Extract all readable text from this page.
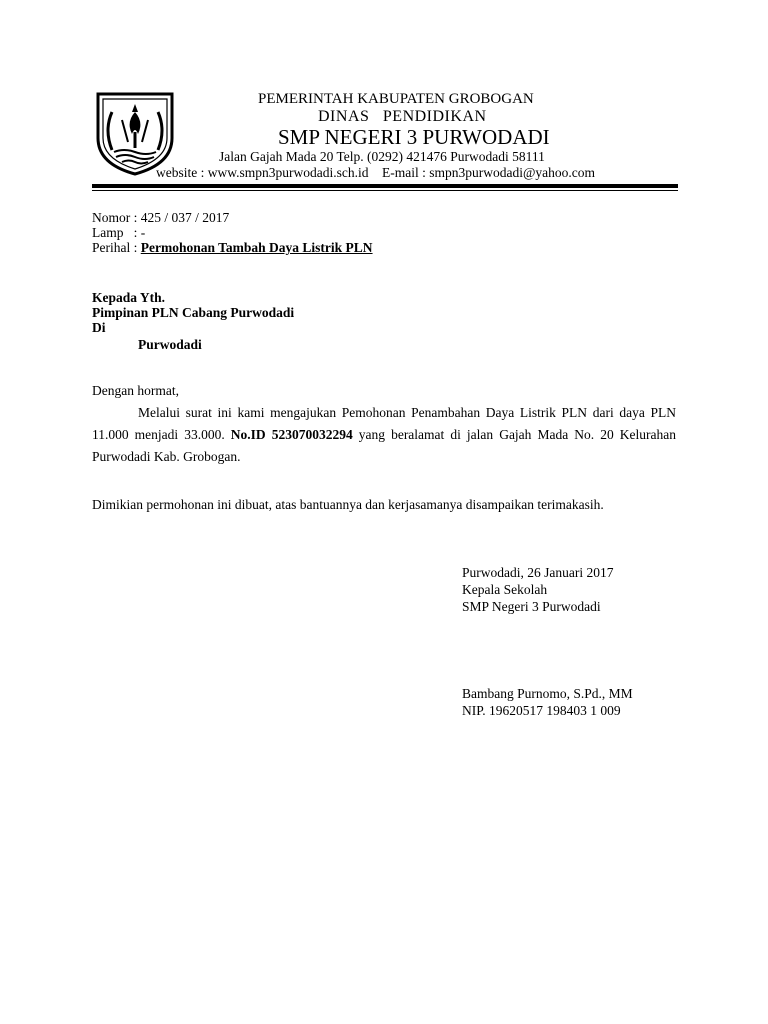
PEMERINTAH KABUPATEN GROBOGAN
DINAS   PENDIDIKAN
SMP NEGERI 3 PURWODADI
Jalan Gajah Mada 20 Telp. (0292) 421476 Purwodadi 58111
website : www.smpn3purwodadi.sch.id    E-mail : smpn3purwodadi@yahoo.com
Nomor : 425 / 037 / 2017
Lamp   : -
Perihal : Permohonan Tambah Daya Listrik PLN
Kepada Yth.
Pimpinan PLN Cabang Purwodadi
Di
Purwodadi
Dengan hormat,
Melalui surat ini kami mengajukan Pemohonan Penambahan Daya Listrik PLN dari daya PLN 11.000 menjadi 33.000. No.ID 523070032294 yang beralamat di jalan Gajah Mada No. 20 Kelurahan Purwodadi Kab. Grobogan.
Dimikian permohonan ini dibuat, atas bantuannya dan kerjasamanya disampaikan terimakasih.
Purwodadi, 26 Januari 2017
Kepala Sekolah
SMP Negeri 3 Purwodadi
Bambang Purnomo, S.Pd., MM
NIP. 19620517 198403 1 009
